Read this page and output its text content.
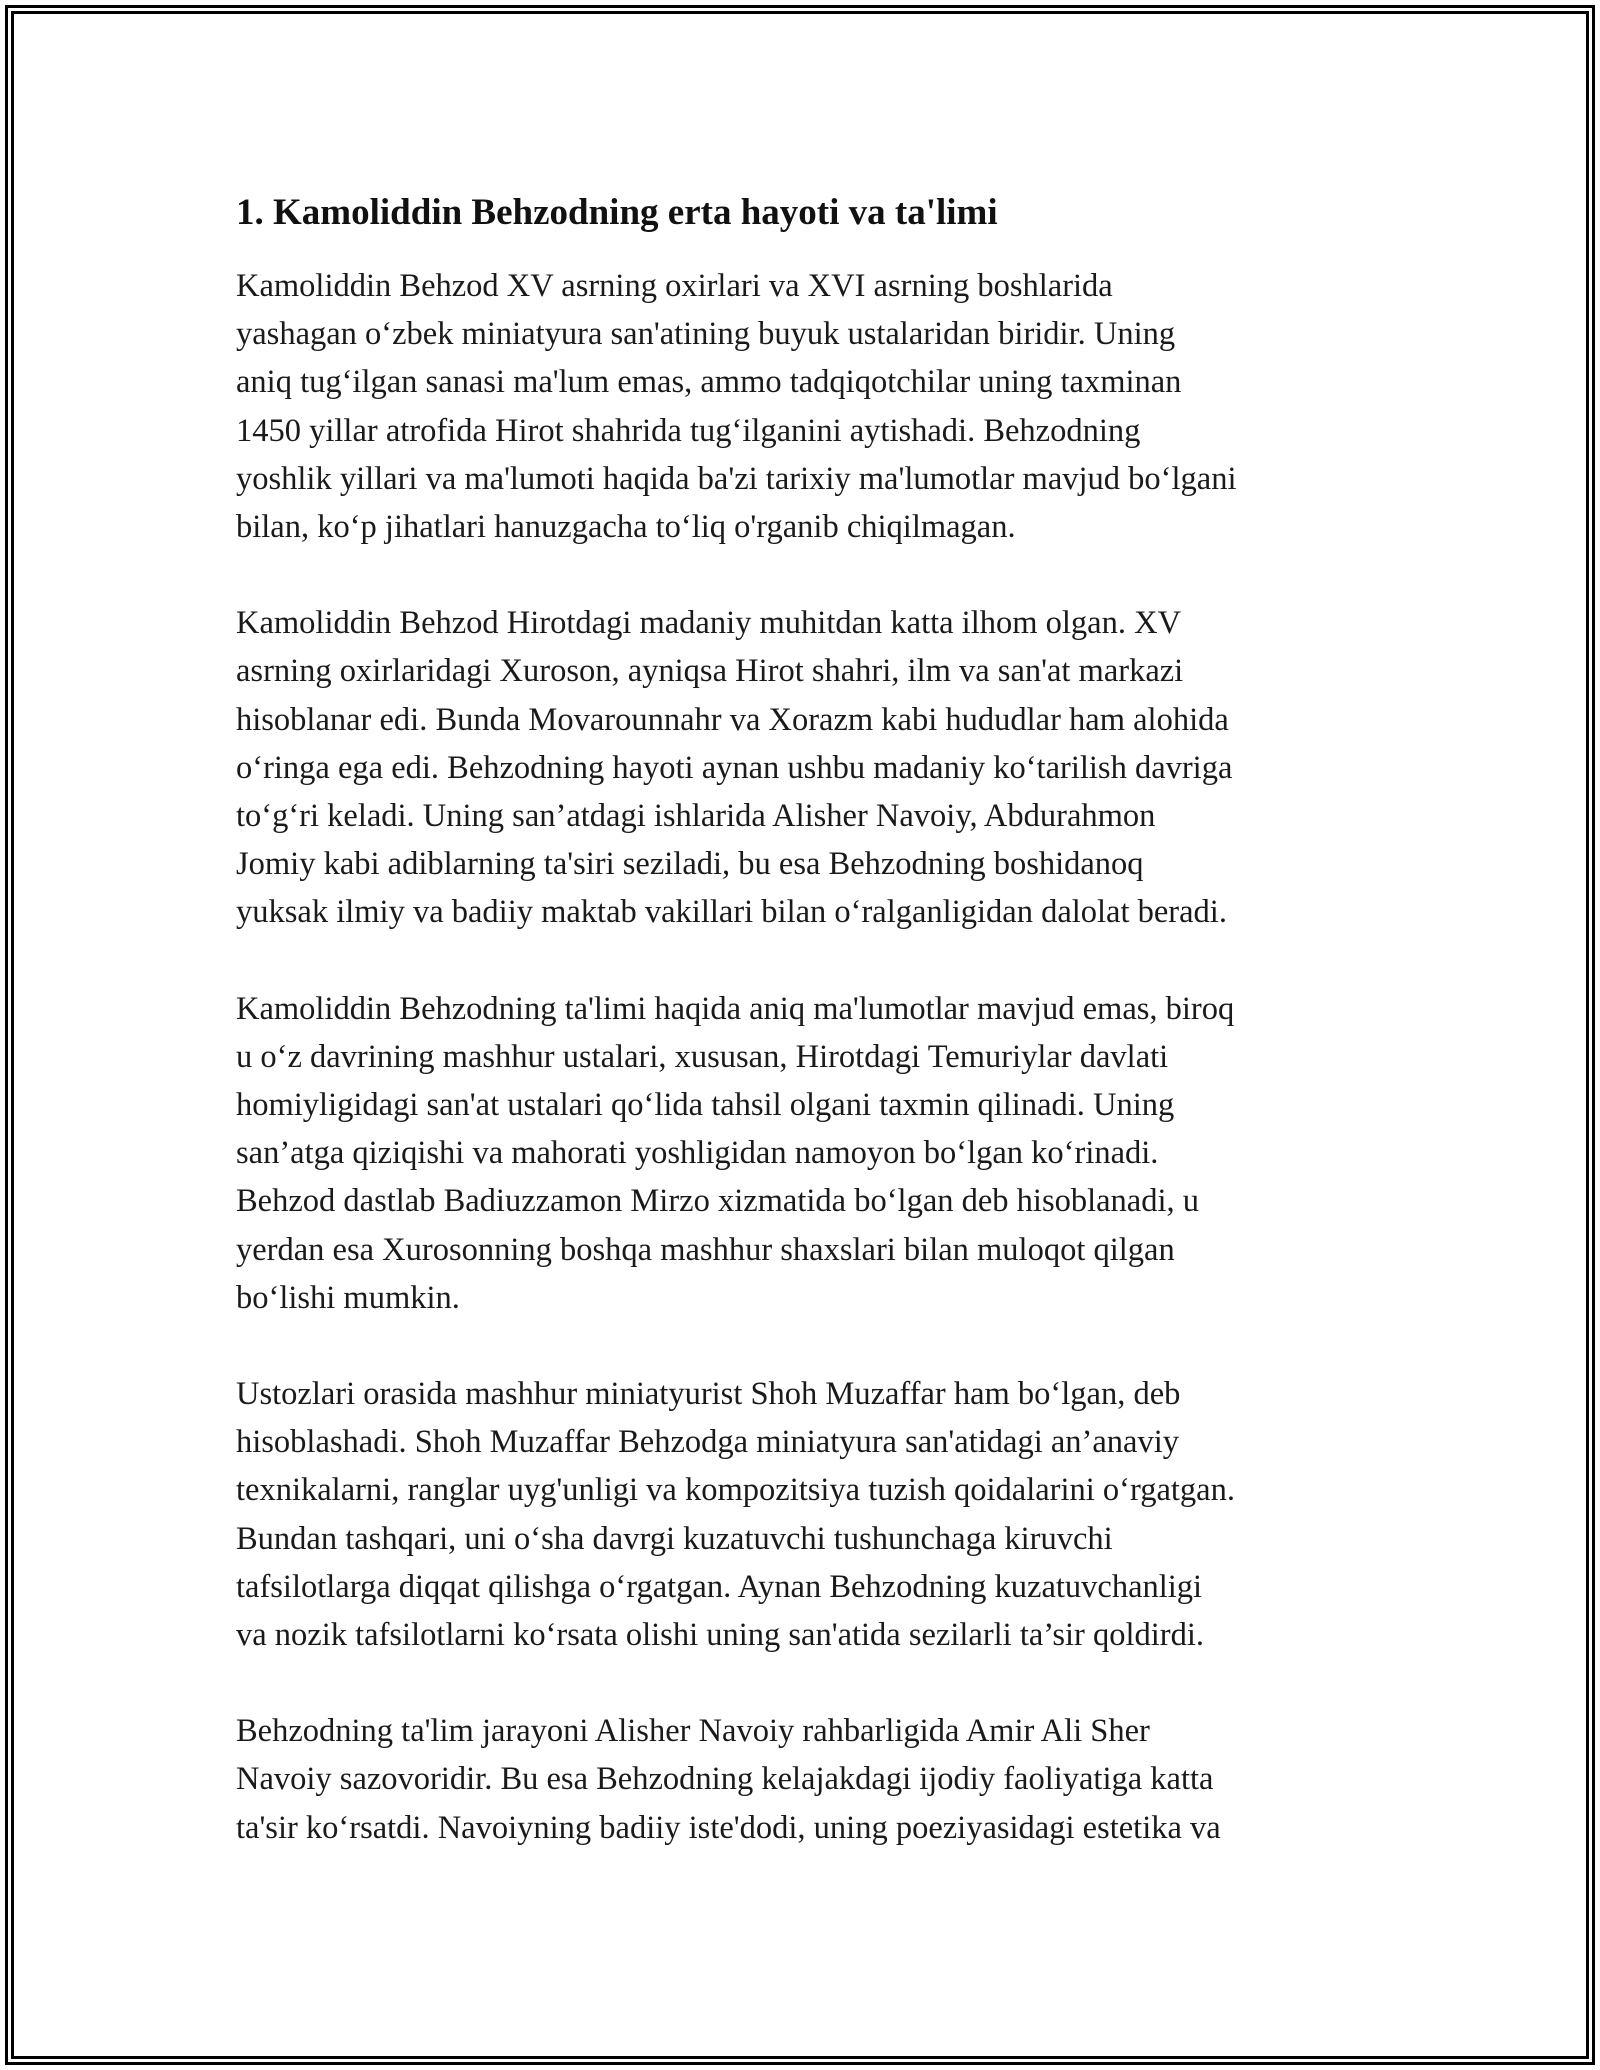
1. Kamoliddin Behzodning erta hayoti va ta'limi

Kamoliddin Behzod XV asrning oxirlari va XVI asrning boshlarida
yashagan o‘zbek miniatyura san'atining buyuk ustalaridan biridir. Uning
aniq tug‘ilgan sanasi ma'lum emas, ammo tadqiqotchilar uning taxminan
1450 yillar atrofida Hirot shahrida tug‘ilganini aytishadi. Behzodning
yoshlik yillari va ma'lumoti haqida ba'zi tarixiy ma'lumotlar mavjud bo‘lgani
bilan, ko‘p jihatlari hanuzgacha to‘liq o'rganib chiqilmagan.

Kamoliddin Behzod Hirotdagi madaniy muhitdan katta ilhom olgan. XV
asrning oxirlaridagi Xuroson, ayniqsa Hirot shahri, ilm va san'at markazi
hisoblanar edi. Bunda Movarounnahr va Xorazm kabi hududlar ham alohida
o‘ringa ega edi. Behzodning hayoti aynan ushbu madaniy ko‘tarilish davriga
to‘g‘ri keladi. Uning san’atdagi ishlarida Alisher Navoiy, Abdurahmon
Jomiy kabi adiblarning ta'siri seziladi, bu esa Behzodning boshidanoq
yuksak ilmiy va badiiy maktab vakillari bilan o‘ralganligidan dalolat beradi.

Kamoliddin Behzodning ta'limi haqida aniq ma'lumotlar mavjud emas, biroq
u o‘z davrining mashhur ustalari, xususan, Hirotdagi Temuriylar davlati
homiyligidagi san'at ustalari qo‘lida tahsil olgani taxmin qilinadi. Uning
san’atga qiziqishi va mahorati yoshligidan namoyon bo‘lgan ko‘rinadi.
Behzod dastlab Badiuzzamon Mirzo xizmatida bo‘lgan deb hisoblanadi, u
yerdan esa Xurosonning boshqa mashhur shaxslari bilan muloqot qilgan
bo‘lishi mumkin.

Ustozlari orasida mashhur miniatyurist Shoh Muzaffar ham bo‘lgan, deb
hisoblashadi. Shoh Muzaffar Behzodga miniatyura san'atidagi an’anaviy
texnikalarni, ranglar uyg'unligi va kompozitsiya tuzish qoidalarini o‘rgatgan.
Bundan tashqari, uni o‘sha davrgi kuzatuvchi tushunchaga kiruvchi
tafsilotlarga diqqat qilishga o‘rgatgan. Aynan Behzodning kuzatuvchanligi
va nozik tafsilotlarni ko‘rsata olishi uning san'atida sezilarli ta’sir qoldirdi.

Behzodning ta'lim jarayoni Alisher Navoiy rahbarligida Amir Ali Sher
Navoiy sazovoridir. Bu esa Behzodning kelajakdagi ijodiy faoliyatiga katta
ta'sir ko‘rsatdi. Navoiyning badiiy iste'dodi, uning poeziyasidagi estetika va
